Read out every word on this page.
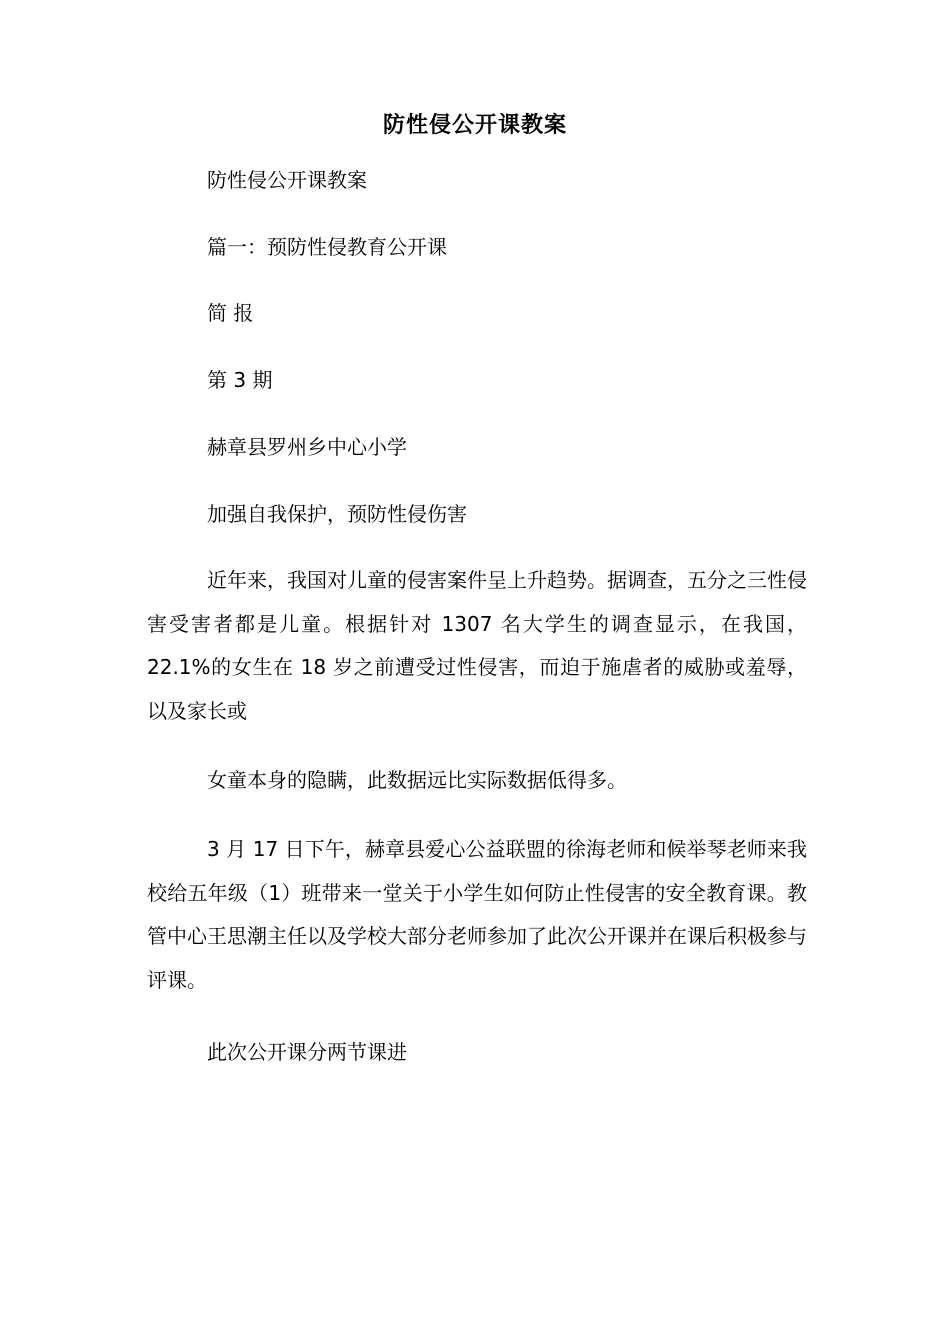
防性侵公开课教案
防性侵公开课教案
篇一：预防性侵教育公开课
简 报
第 3 期
赫章县罗州乡中心小学
加强自我保护，预防性侵伤害

近年来，我国对儿童的侵害案件呈上升趋势。据调查，五分之三性侵害受害者都是儿童。根据针对 1307 名大学生的调查显示，在我国，22.1%的女生在 18 岁之前遭受过性侵害，而迫于施虐者的威胁或羞辱，以及家长或

女童本身的隐瞒，此数据远比实际数据低得多。

3 月 17 日下午，赫章县爱心公益联盟的徐海老师和候举琴老师来我校给五年级（1）班带来一堂关于小学生如何防止性侵害的安全教育课。教管中心王思潮主任以及学校大部分老师参加了此次公开课并在课后积极参与评课。

此次公开课分两节课进
